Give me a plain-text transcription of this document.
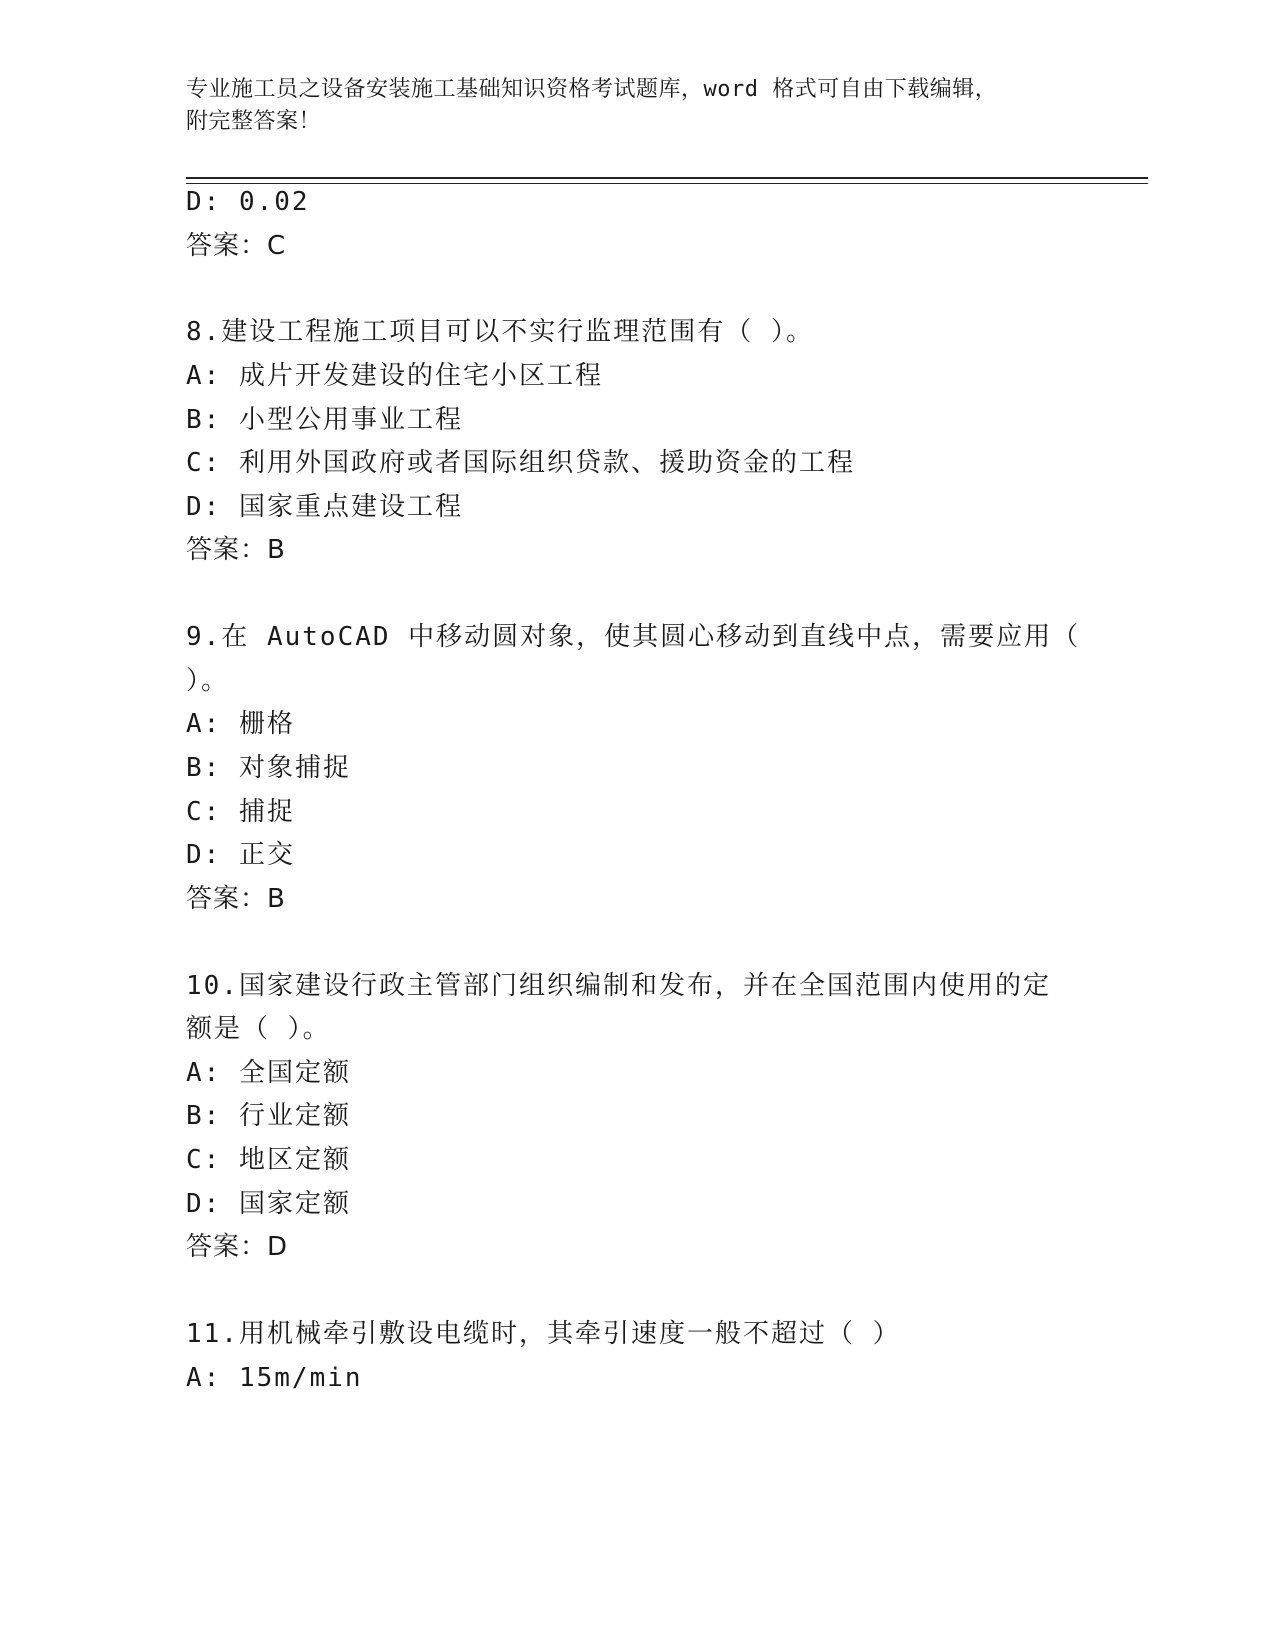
专业施工员之设备安装施工基础知识资格考试题库，word 格式可自由下载编辑，
附完整答案！
D: 0.02
答案：C
8.建设工程施工项目可以不实行监理范围有（ ）。
A: 成片开发建设的住宅小区工程
B: 小型公用事业工程
C: 利用外国政府或者国际组织贷款、援助资金的工程
D: 国家重点建设工程
答案：B
9.在 AutoCAD 中移动圆对象，使其圆心移动到直线中点，需要应用（
）。
A: 栅格
B: 对象捕捉
C: 捕捉
D: 正交
答案：B
10.国家建设行政主管部门组织编制和发布，并在全国范围内使用的定
额是（ ）。
A: 全国定额
B: 行业定额
C: 地区定额
D: 国家定额
答案：D
11.用机械牵引敷设电缆时，其牵引速度一般不超过（ ）
A: 15m/min
